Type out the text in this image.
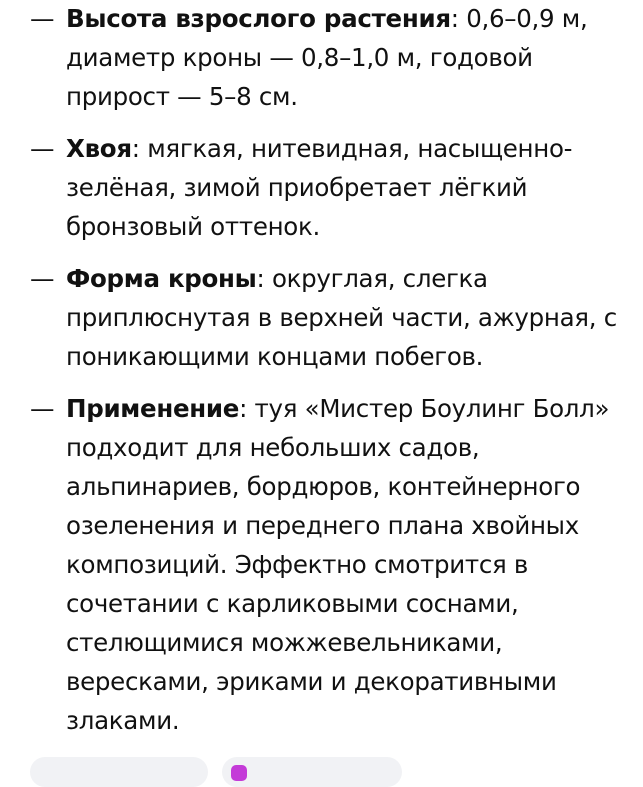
— Высота взрослого растения: 0,6–0,9 м, диаметр кроны — 0,8–1,0 м, годовой прирост — 5–8 см.
— Хвоя: мягкая, нитевидная, насыщенно-зелёная, зимой приобретает лёгкий бронзовый оттенок.
— Форма кроны: округлая, слегка приплюснутая в верхней части, ажурная, с поникающими концами побегов.
— Применение: туя «Мистер Боулинг Болл» подходит для небольших садов, альпинариев, бордюров, контейнерного озеленения и переднего плана хвойных композиций. Эффектно смотрится в сочетании с карликовыми соснами, стелющимися можжевельниками, вересками, эриками и декоративными злаками.
